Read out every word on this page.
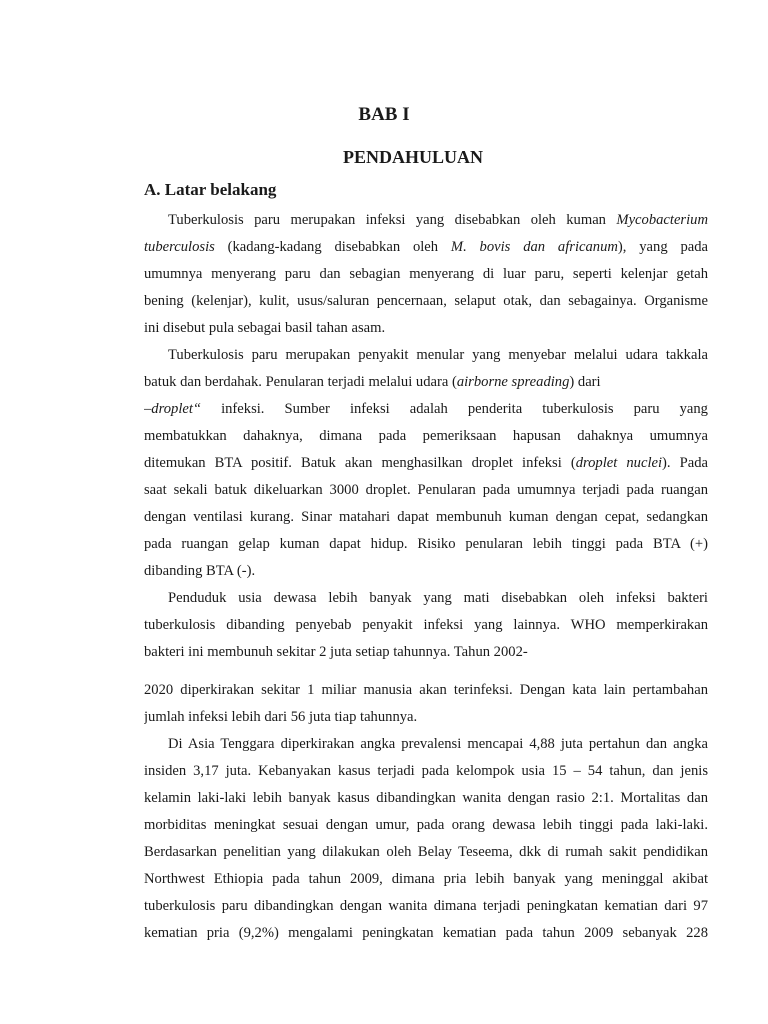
BAB I
PENDAHULUAN
A. Latar belakang
Tuberkulosis paru merupakan infeksi yang disebabkan oleh kuman Mycobacterium
tuberculosis (kadang-kadang disebabkan oleh M. bovis dan africanum), yang pada
umumnya menyerang paru dan sebagian menyerang di luar paru, seperti kelenjar getah
bening (kelenjar), kulit, usus/saluran pencernaan, selaput otak, dan sebagainya. Organisme
ini disebut pula sebagai basil tahan asam.
Tuberkulosis paru merupakan penyakit menular yang menyebar melalui udara takkala
batuk dan berdahak. Penularan terjadi melalui udara (airborne spreading) dari
–droplet“ infeksi. Sumber infeksi adalah penderita tuberkulosis paru yang
membatukkan dahaknya, dimana pada pemeriksaan hapusan dahaknya umumnya
ditemukan BTA positif. Batuk akan menghasilkan droplet infeksi (droplet nuclei). Pada
saat sekali batuk dikeluarkan 3000 droplet. Penularan pada umumnya terjadi pada ruangan
dengan ventilasi kurang. Sinar matahari dapat membunuh kuman dengan cepat, sedangkan
pada ruangan gelap kuman dapat hidup. Risiko penularan lebih tinggi pada BTA (+)
dibanding BTA (-).
Penduduk usia dewasa lebih banyak yang mati disebabkan oleh infeksi bakteri
tuberkulosis dibanding penyebab penyakit infeksi yang lainnya. WHO memperkirakan
bakteri ini membunuh sekitar 2 juta setiap tahunnya. Tahun 2002-
2020 diperkirakan sekitar 1 miliar manusia akan terinfeksi. Dengan kata lain pertambahan
jumlah infeksi lebih dari 56 juta tiap tahunnya.
Di Asia Tenggara diperkirakan angka prevalensi mencapai 4,88 juta pertahun dan angka
insiden 3,17 juta. Kebanyakan kasus terjadi pada kelompok usia 15 – 54 tahun, dan jenis
kelamin laki-laki lebih banyak kasus dibandingkan wanita dengan rasio 2:1. Mortalitas dan
morbiditas meningkat sesuai dengan umur, pada orang dewasa lebih tinggi pada laki-laki.
Berdasarkan penelitian yang dilakukan oleh Belay Teseema, dkk di rumah sakit pendidikan
Northwest Ethiopia pada tahun 2009, dimana pria lebih banyak yang meninggal akibat
tuberkulosis paru dibandingkan dengan wanita dimana terjadi peningkatan kematian dari 97
kematian pria (9,2%) mengalami peningkatan kematian pada tahun 2009 sebanyak 228
